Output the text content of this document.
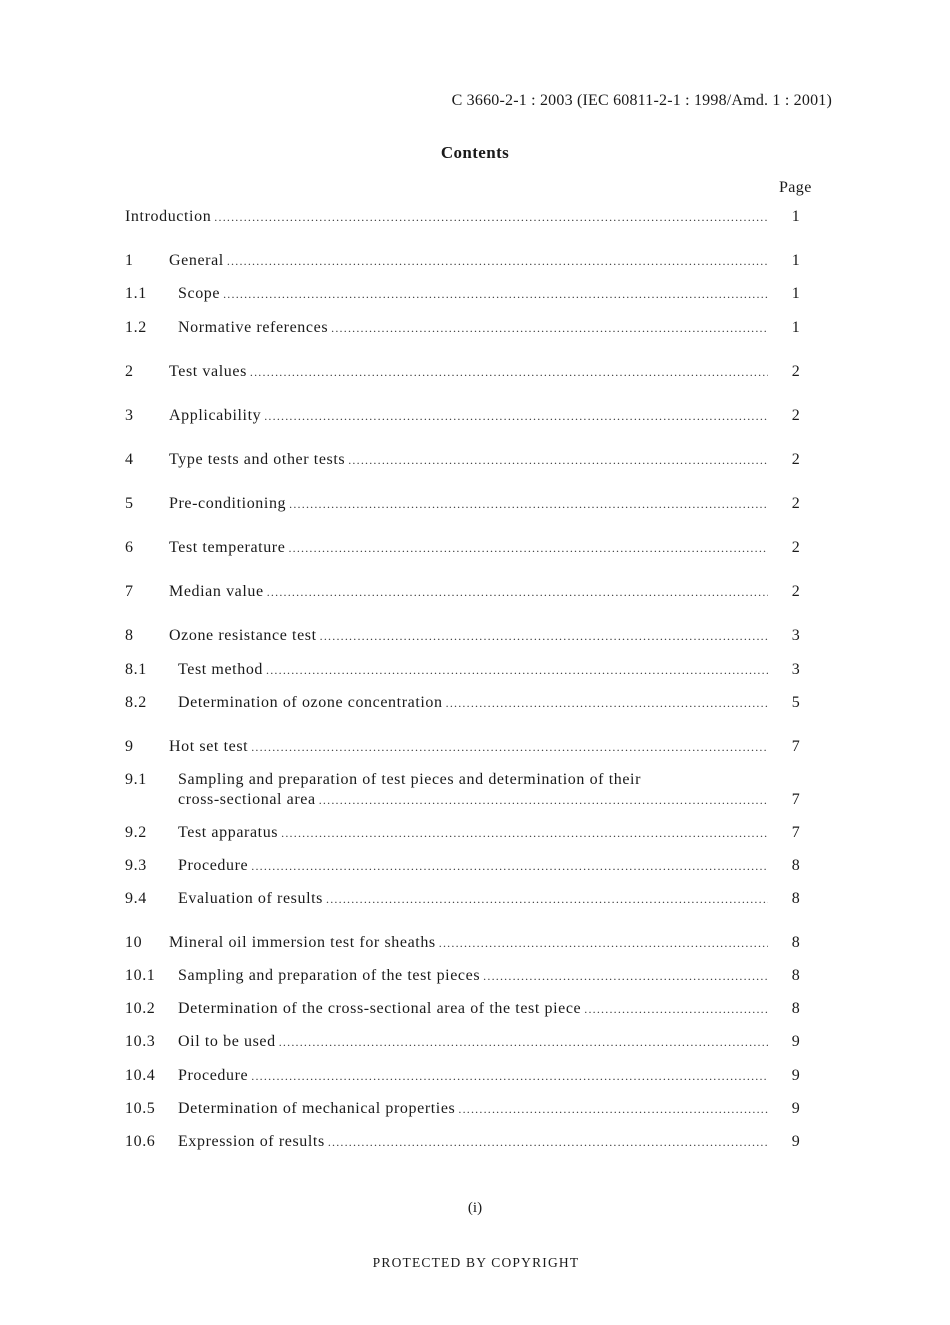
C 3660-2-1 : 2003 (IEC 60811-2-1 : 1998/Amd. 1 : 2001)
Contents
Page
Introduction .....	1
1	General .....	1
1.1	Scope .....	1
1.2	Normative references .....	1
2	Test values .....	2
3	Applicability .....	2
4	Type tests and other tests .....	2
5	Pre-conditioning .....	2
6	Test temperature .....	2
7	Median value .....	2
8	Ozone resistance test .....	3
8.1	Test method .....	3
8.2	Determination of ozone concentration .....	5
9	Hot set test .....	7
9.1	Sampling and preparation of test pieces and determination of their
cross-sectional area .....	7
9.2	Test apparatus .....	7
9.3	Procedure .....	8
9.4	Evaluation of results .....	8
10	Mineral oil immersion test for sheaths .....	8
10.1	Sampling and preparation of the test pieces .....	8
10.2	Determination of the cross-sectional area of the test piece .....	8
10.3	Oil to be used .....	9
10.4	Procedure .....	9
10.5	Determination of mechanical properties .....	9
10.6	Expression of results .....	9
(i)
PROTECTED BY COPYRIGHT
